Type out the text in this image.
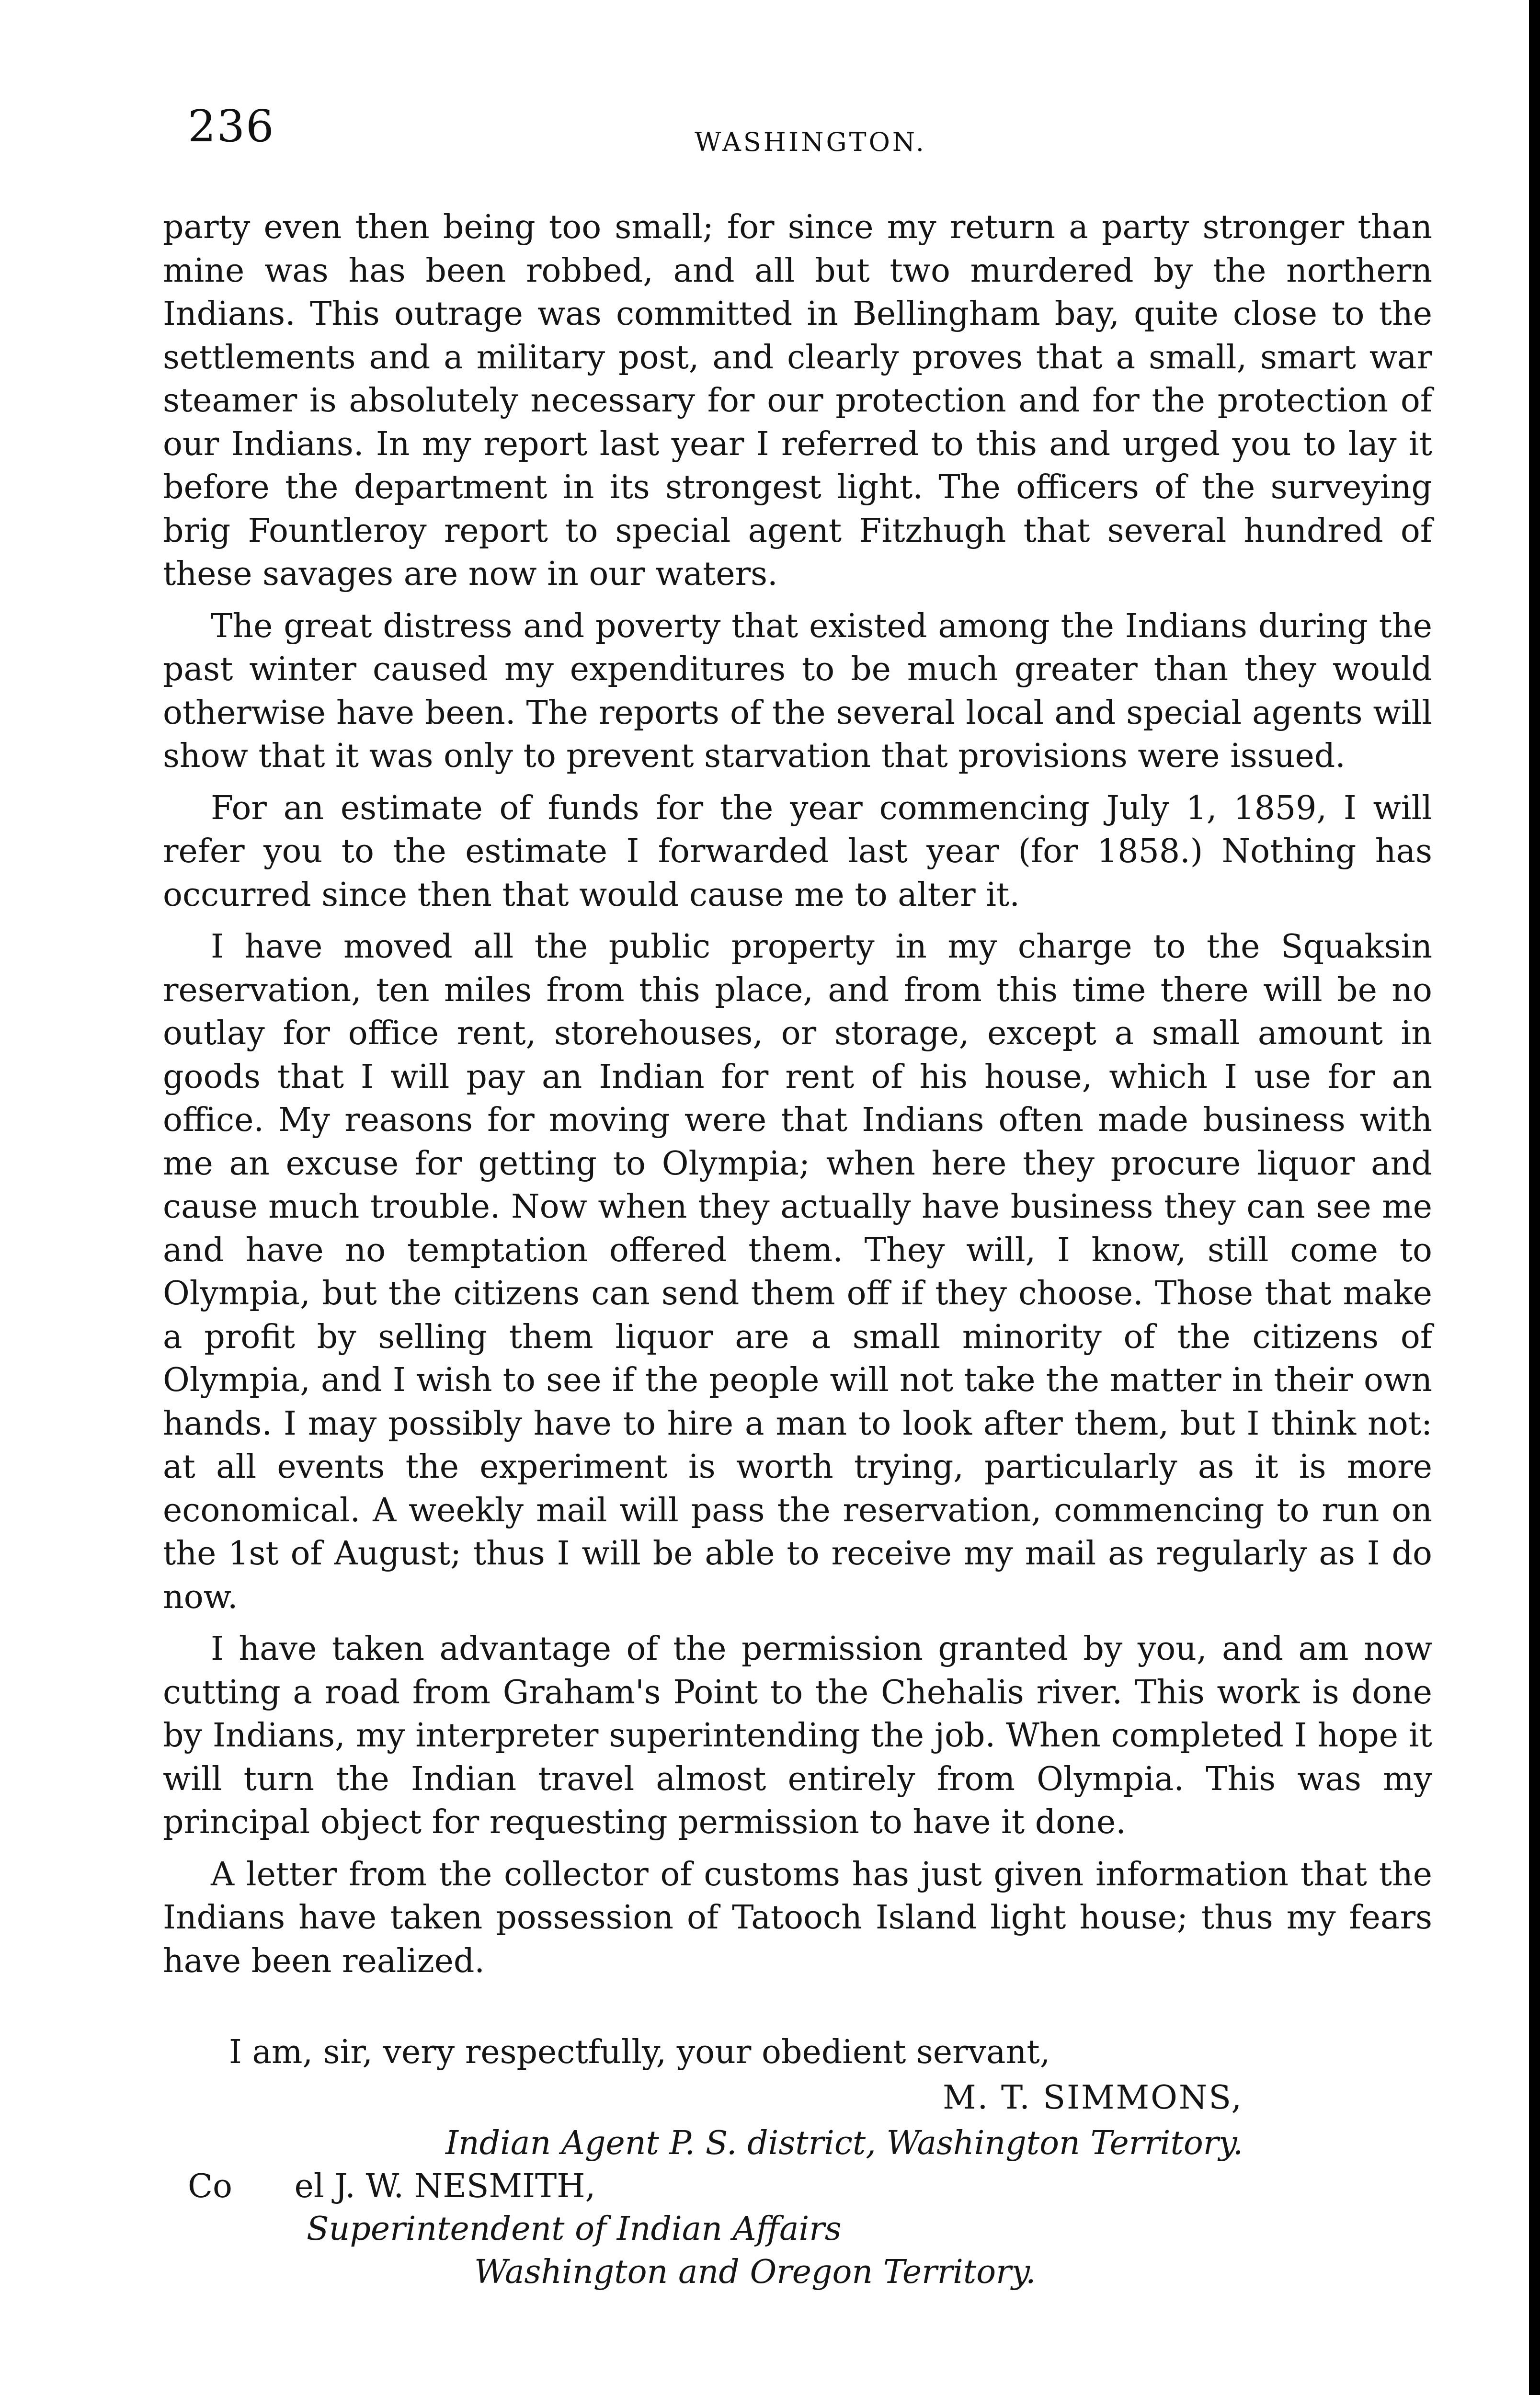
236	WASHINGTON.

party even then being too small; for since my return a party stronger than mine was has been robbed, and all but two murdered by the northern Indians. This outrage was committed in Bellingham bay, quite close to the settlements and a military post, and clearly proves that a small, smart war steamer is absolutely necessary for our protection and for the protection of our Indians. In my report last year I referred to this and urged you to lay it before the department in its strongest light. The officers of the surveying brig Fountleroy report to special agent Fitzhugh that several hundred of these savages are now in our waters.

The great distress and poverty that existed among the Indians during the past winter caused my expenditures to be much greater than they would otherwise have been. The reports of the several local and special agents will show that it was only to prevent starvation that provisions were issued.

For an estimate of funds for the year commencing July 1, 1859, I will refer you to the estimate I forwarded last year (for 1858.) Nothing has occurred since then that would cause me to alter it.

I have moved all the public property in my charge to the Squaksin reservation, ten miles from this place, and from this time there will be no outlay for office rent, storehouses, or storage, except a small amount in goods that I will pay an Indian for rent of his house, which I use for an office. My reasons for moving were that Indians often made business with me an excuse for getting to Olympia; when here they procure liquor and cause much trouble. Now when they actually have business they can see me and have no temptation offered them. They will, I know, still come to Olympia, but the citizens can send them off if they choose. Those that make a profit by selling them liquor are a small minority of the citizens of Olympia, and I wish to see if the people will not take the matter in their own hands. I may possibly have to hire a man to look after them, but I think not: at all events the experiment is worth trying, particularly as it is more economical. A weekly mail will pass the reservation, commencing to run on the 1st of August; thus I will be able to receive my mail as regularly as I do now.

I have taken advantage of the permission granted by you, and am now cutting a road from Graham's Point to the Chehalis river. This work is done by Indians, my interpreter superintending the job. When completed I hope it will turn the Indian travel almost entirely from Olympia. This was my principal object for requesting permission to have it done.

A letter from the collector of customs has just given information that the Indians have taken possession of Tatooch Island light house; thus my fears have been realized.

I am, sir, very respectfully, your obedient servant,
M. T. SIMMONS,
Indian Agent P. S. district, Washington Territory.
Co      el J. W. NESMITH,
Superintendent of Indian Affairs
Washington and Oregon Territory.
